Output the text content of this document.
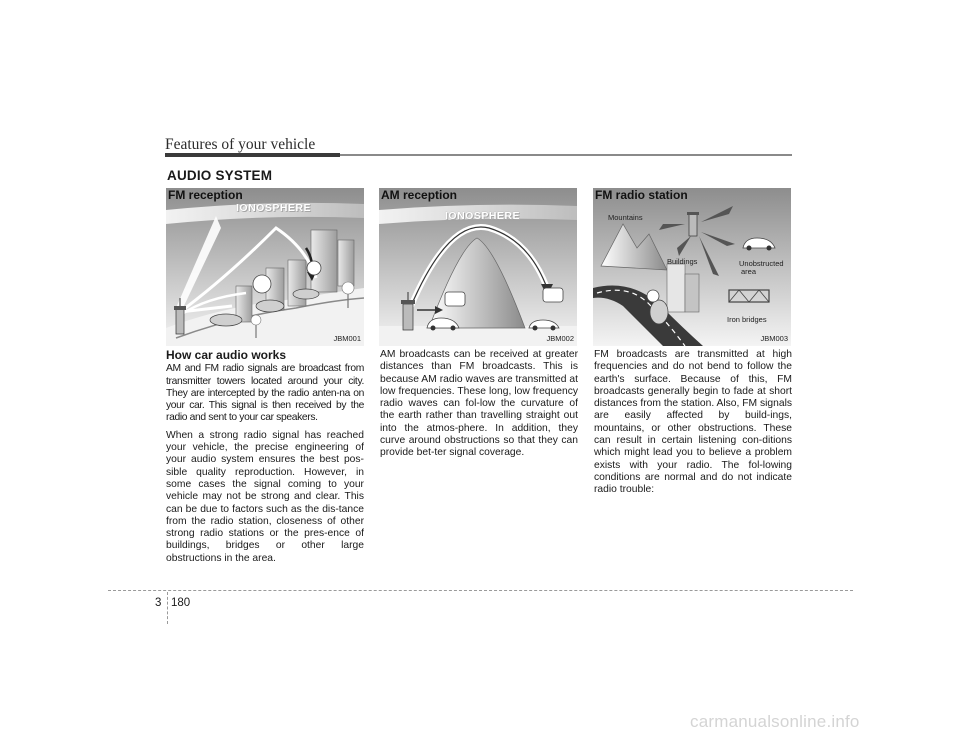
Features of your vehicle
AUDIO SYSTEM
FM reception
IONOSPHERE
JBM001
AM reception
IONOSPHERE
JBM002
FM radio station
Mountains
Buildings	Unobstructed
area
Iron bridges
JBM003
How car audio works

AM and FM radio signals are broadcast from transmitter towers located around your city. They are intercepted by the radio anten-na on your car. This signal is then received by the radio and sent to your car speakers.

When a strong radio signal has reached your vehicle, the precise engineering of your audio system ensures the best pos-sible quality reproduction. However, in some cases the signal coming to your vehicle may not be strong and clear. This can be due to factors such as the dis-tance from the radio station, closeness of other strong radio stations or the pres-ence of buildings, bridges or other large obstructions in the area.

AM broadcasts can be received at greater distances than FM broadcasts. This is because AM radio waves are transmitted at low frequencies. These long, low frequency radio waves can fol-low the curvature of the earth rather than travelling straight out into the atmos-phere. In addition, they curve around obstructions so that they can provide bet-ter signal coverage.

FM broadcasts are transmitted at high frequencies and do not bend to follow the earth's surface. Because of this, FM broadcasts generally begin to fade at short distances from the station. Also, FM signals are easily affected by build-ings, mountains, or other obstructions. These can result in certain listening con-ditions which might lead you to believe a problem exists with your radio. The fol-lowing conditions are normal and do not indicate radio trouble:

3 180
carmanualsonline.info
